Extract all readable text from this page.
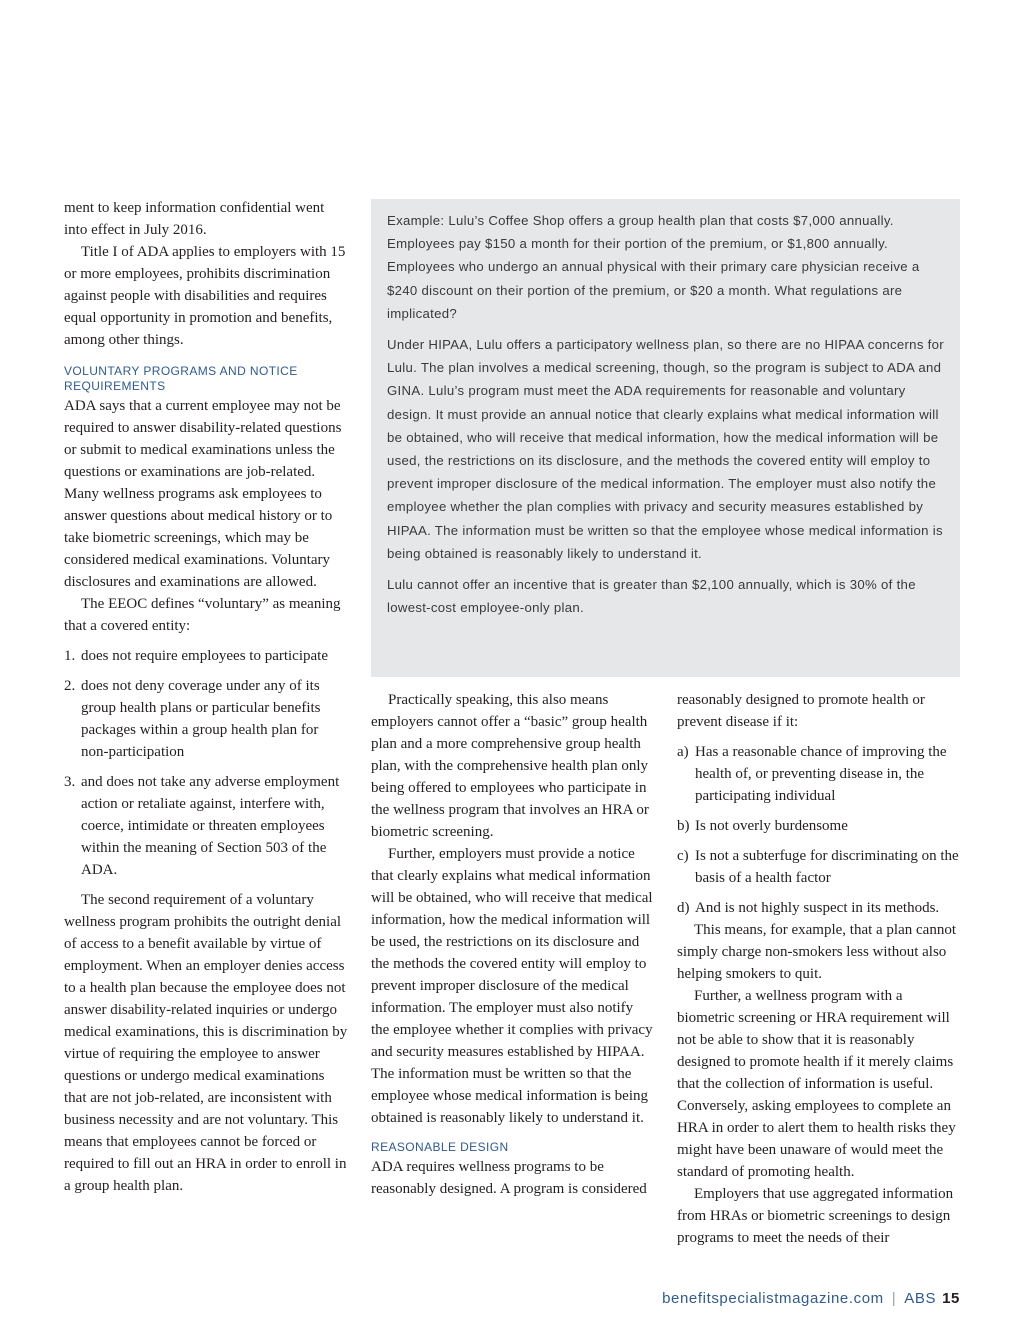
ment to keep information confidential went into effect in July 2016.

Title I of ADA applies to employers with 15 or more employees, prohibits discrimination against people with disabilities and requires equal opportunity in promotion and benefits, among other things.

VOLUNTARY PROGRAMS AND NOTICE REQUIREMENTS

ADA says that a current employee may not be required to answer disability-related questions or submit to medical examinations unless the questions or examinations are job-related. Many wellness programs ask employees to answer questions about medical history or to take biometric screenings, which may be considered medical examinations. Voluntary disclosures and examinations are allowed.

The EEOC defines “voluntary” as meaning that a covered entity:

1. does not require employees to participate
2. does not deny coverage under any of its group health plans or particular benefits packages within a group health plan for non-participation
3. and does not take any adverse employment action or retaliate against, interfere with, coerce, intimidate or threaten employees within the meaning of Section 503 of the ADA.

The second requirement of a voluntary wellness program prohibits the outright denial of access to a benefit available by virtue of employment. When an employer denies access to a health plan because the employee does not answer disability-related inquiries or undergo medical examinations, this is discrimination by virtue of requiring the employee to answer questions or undergo medical examinations that are not job-related, are inconsistent with business necessity and are not voluntary. This means that employees cannot be forced or required to fill out an HRA in order to enroll in a group health plan.

Example: Lulu’s Coffee Shop offers a group health plan that costs $7,000 annually. Employees pay $150 a month for their portion of the premium, or $1,800 annually. Employees who undergo an annual physical with their primary care physician receive a $240 discount on their portion of the premium, or $20 a month. What regulations are implicated?

Under HIPAA, Lulu offers a participatory wellness plan, so there are no HIPAA concerns for Lulu. The plan involves a medical screening, though, so the program is subject to ADA and GINA. Lulu’s program must meet the ADA requirements for reasonable and voluntary design. It must provide an annual notice that clearly explains what medical information will be obtained, who will receive that medical information, how the medical information will be used, the restrictions on its disclosure, and the methods the covered entity will employ to prevent improper disclosure of the medical information. The employer must also notify the employee whether the plan complies with privacy and security measures established by HIPAA. The information must be written so that the employee whose medical information is being obtained is reasonably likely to understand it.

Lulu cannot offer an incentive that is greater than $2,100 annually, which is 30% of the lowest-cost employee-only plan.

Practically speaking, this also means employers cannot offer a “basic” group health plan and a more comprehensive group health plan, with the comprehensive health plan only being offered to employees who participate in the wellness program that involves an HRA or biometric screening.

Further, employers must provide a notice that clearly explains what medical information will be obtained, who will receive that medical information, how the medical information will be used, the restrictions on its disclosure and the methods the covered entity will employ to prevent improper disclosure of the medical information. The employer must also notify the employee whether it complies with privacy and security measures established by HIPAA. The information must be written so that the employee whose medical information is being obtained is reasonably likely to understand it.

REASONABLE DESIGN

ADA requires wellness programs to be reasonably designed. A program is considered

reasonably designed to promote health or prevent disease if it:

a) Has a reasonable chance of improving the health of, or preventing disease in, the participating individual
b) Is not overly burdensome
c) Is not a subterfuge for discriminating on the basis of a health factor
d) And is not highly suspect in its methods.

This means, for example, that a plan cannot simply charge non-smokers less without also helping smokers to quit.

Further, a wellness program with a biometric screening or HRA requirement will not be able to show that it is reasonably designed to promote health if it merely claims that the collection of information is useful. Conversely, asking employees to complete an HRA in order to alert them to health risks they might have been unaware of would meet the standard of promoting health.

Employers that use aggregated information from HRAs or biometric screenings to design programs to meet the needs of their

benefitspecialistmagazine.com | ABS 15
